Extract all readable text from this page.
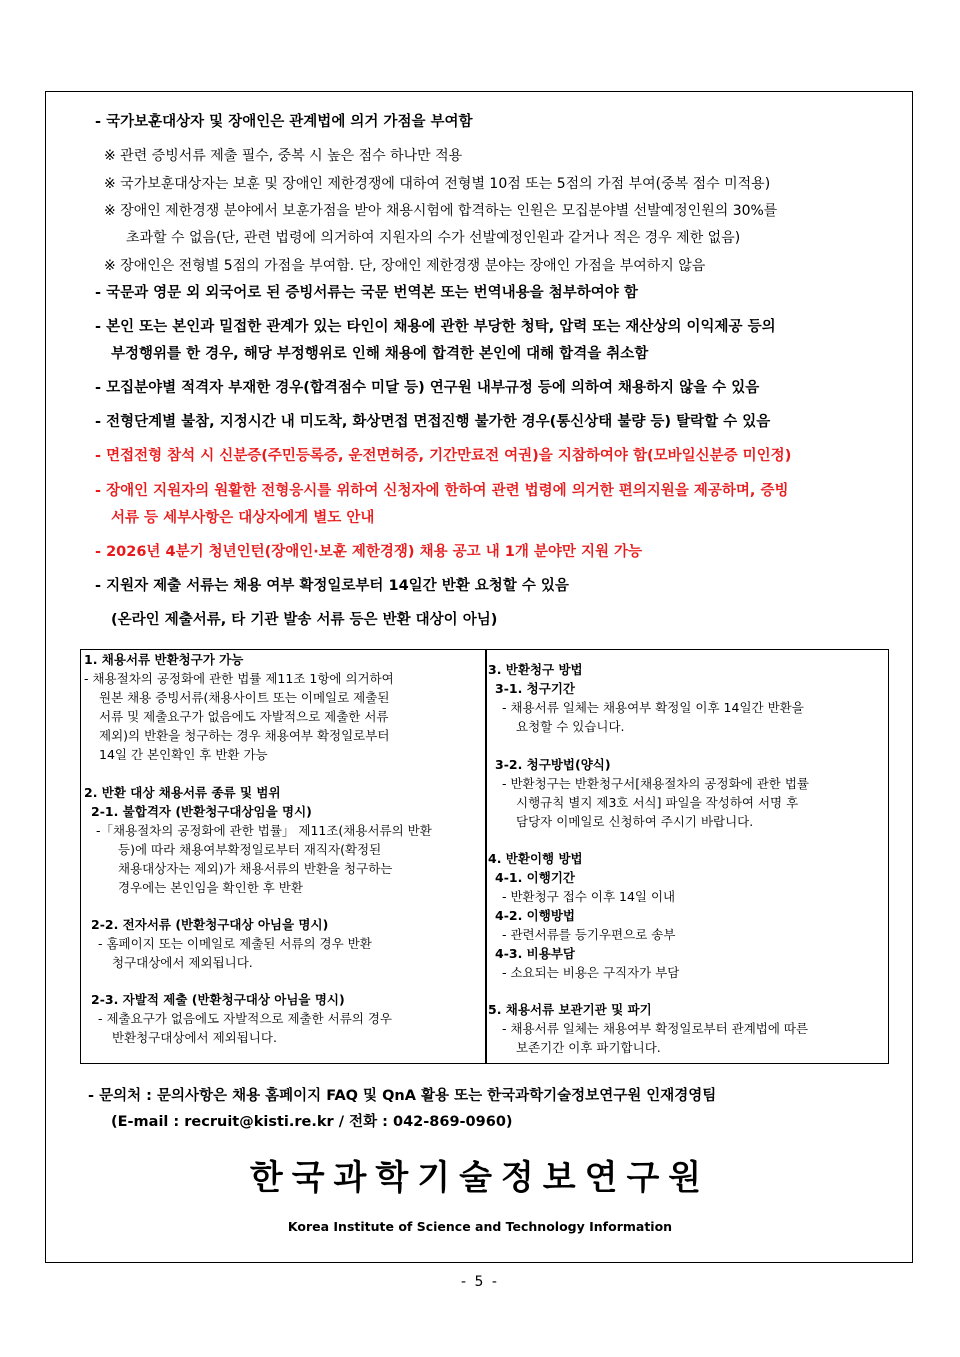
- 국가보훈대상자 및 장애인은 관계법에 의거 가점을 부여함
※ 관련 증빙서류 제출 필수, 중복 시 높은 점수 하나만 적용
※ 국가보훈대상자는 보훈 및 장애인 제한경쟁에 대하여 전형별 10점 또는 5점의 가점 부여(중복 점수 미적용)
※ 장애인 제한경쟁 분야에서 보훈가점을 받아 채용시험에 합격하는 인원은 모집분야별 선발예정인원의 30%를
초과할 수 없음(단, 관련 법령에 의거하여 지원자의 수가 선발예정인원과 같거나 적은 경우 제한 없음)
※ 장애인은 전형별 5점의 가점을 부여함. 단, 장애인 제한경쟁 분야는 장애인 가점을 부여하지 않음
- 국문과 영문 외 외국어로 된 증빙서류는 국문 번역본 또는 번역내용을 첨부하여야 함
- 본인 또는 본인과 밀접한 관계가 있는 타인이 채용에 관한 부당한 청탁, 압력 또는 재산상의 이익제공 등의
부정행위를 한 경우, 해당 부정행위로 인해 채용에 합격한 본인에 대해 합격을 취소함
- 모집분야별 적격자 부재한 경우(합격점수 미달 등) 연구원 내부규정 등에 의하여 채용하지 않을 수 있음
- 전형단계별 불참, 지정시간 내 미도착, 화상면접 면접진행 불가한 경우(통신상태 불량 등) 탈락할 수 있음
- 면접전형 참석 시 신분증(주민등록증, 운전면허증, 기간만료전 여권)을 지참하여야 함(모바일신분증 미인정)
- 장애인 지원자의 원활한 전형응시를 위하여 신청자에 한하여 관련 법령에 의거한 편의지원을 제공하며, 증빙
서류 등 세부사항은 대상자에게 별도 안내
- 2026년 4분기 청년인턴(장애인·보훈 제한경쟁) 채용 공고 내 1개 분야만 지원 가능
- 지원자 제출 서류는 채용 여부 확정일로부터 14일간 반환 요청할 수 있음
(온라인 제출서류, 타 기관 발송 서류 등은 반환 대상이 아님)
1. 채용서류 반환청구가 가능
- 채용절차의 공정화에 관한 법률 제11조 1항에 의거하여
원본 채용 증빙서류(채용사이트 또는 이메일로 제출된
서류 및 제출요구가 없음에도 자발적으로 제출한 서류
제외)의 반환을 청구하는 경우 채용여부 확정일로부터
14일 간 본인확인 후 반환 가능
2. 반환 대상 채용서류 종류 및 범위
2-1. 불합격자 (반환청구대상임을 명시)
-「채용절차의 공정화에 관한 법률」 제11조(채용서류의 반환
등)에 따라 채용여부확정일로부터 재직자(확정된
채용대상자는 제외)가 채용서류의 반환을 청구하는
경우에는 본인임을 확인한 후 반환
2-2. 전자서류 (반환청구대상 아님을 명시)
- 홈페이지 또는 이메일로 제출된 서류의 경우 반환
청구대상에서 제외됩니다.
2-3. 자발적 제출 (반환청구대상 아님을 명시)
- 제출요구가 없음에도 자발적으로 제출한 서류의 경우
반환청구대상에서 제외됩니다.
3. 반환청구 방법
3-1. 청구기간
- 채용서류 일체는 채용여부 확정일 이후 14일간 반환을
요청할 수 있습니다.
3-2. 청구방법(양식)
- 반환청구는 반환청구서[채용절차의 공정화에 관한 법률
시행규칙 별지 제3호 서식] 파일을 작성하여 서명 후
담당자 이메일로 신청하여 주시기 바랍니다.
4. 반환이행 방법
4-1. 이행기간
- 반환청구 접수 이후 14일 이내
4-2. 이행방법
- 관련서류를 등기우편으로 송부
4-3. 비용부담
- 소요되는 비용은 구직자가 부담
5. 채용서류 보관기관 및 파기
- 채용서류 일체는 채용여부 확정일로부터 관계법에 따른
보존기간 이후 파기합니다.
- 문의처 : 문의사항은 채용 홈페이지 FAQ 및 QnA 활용 또는 한국과학기술정보연구원 인재경영팀
(E-mail : recruit@kisti.re.kr / 전화 : 042-869-0960)
한국과학기술정보연구원
Korea Institute of Science and Technology Information
- 5 -
